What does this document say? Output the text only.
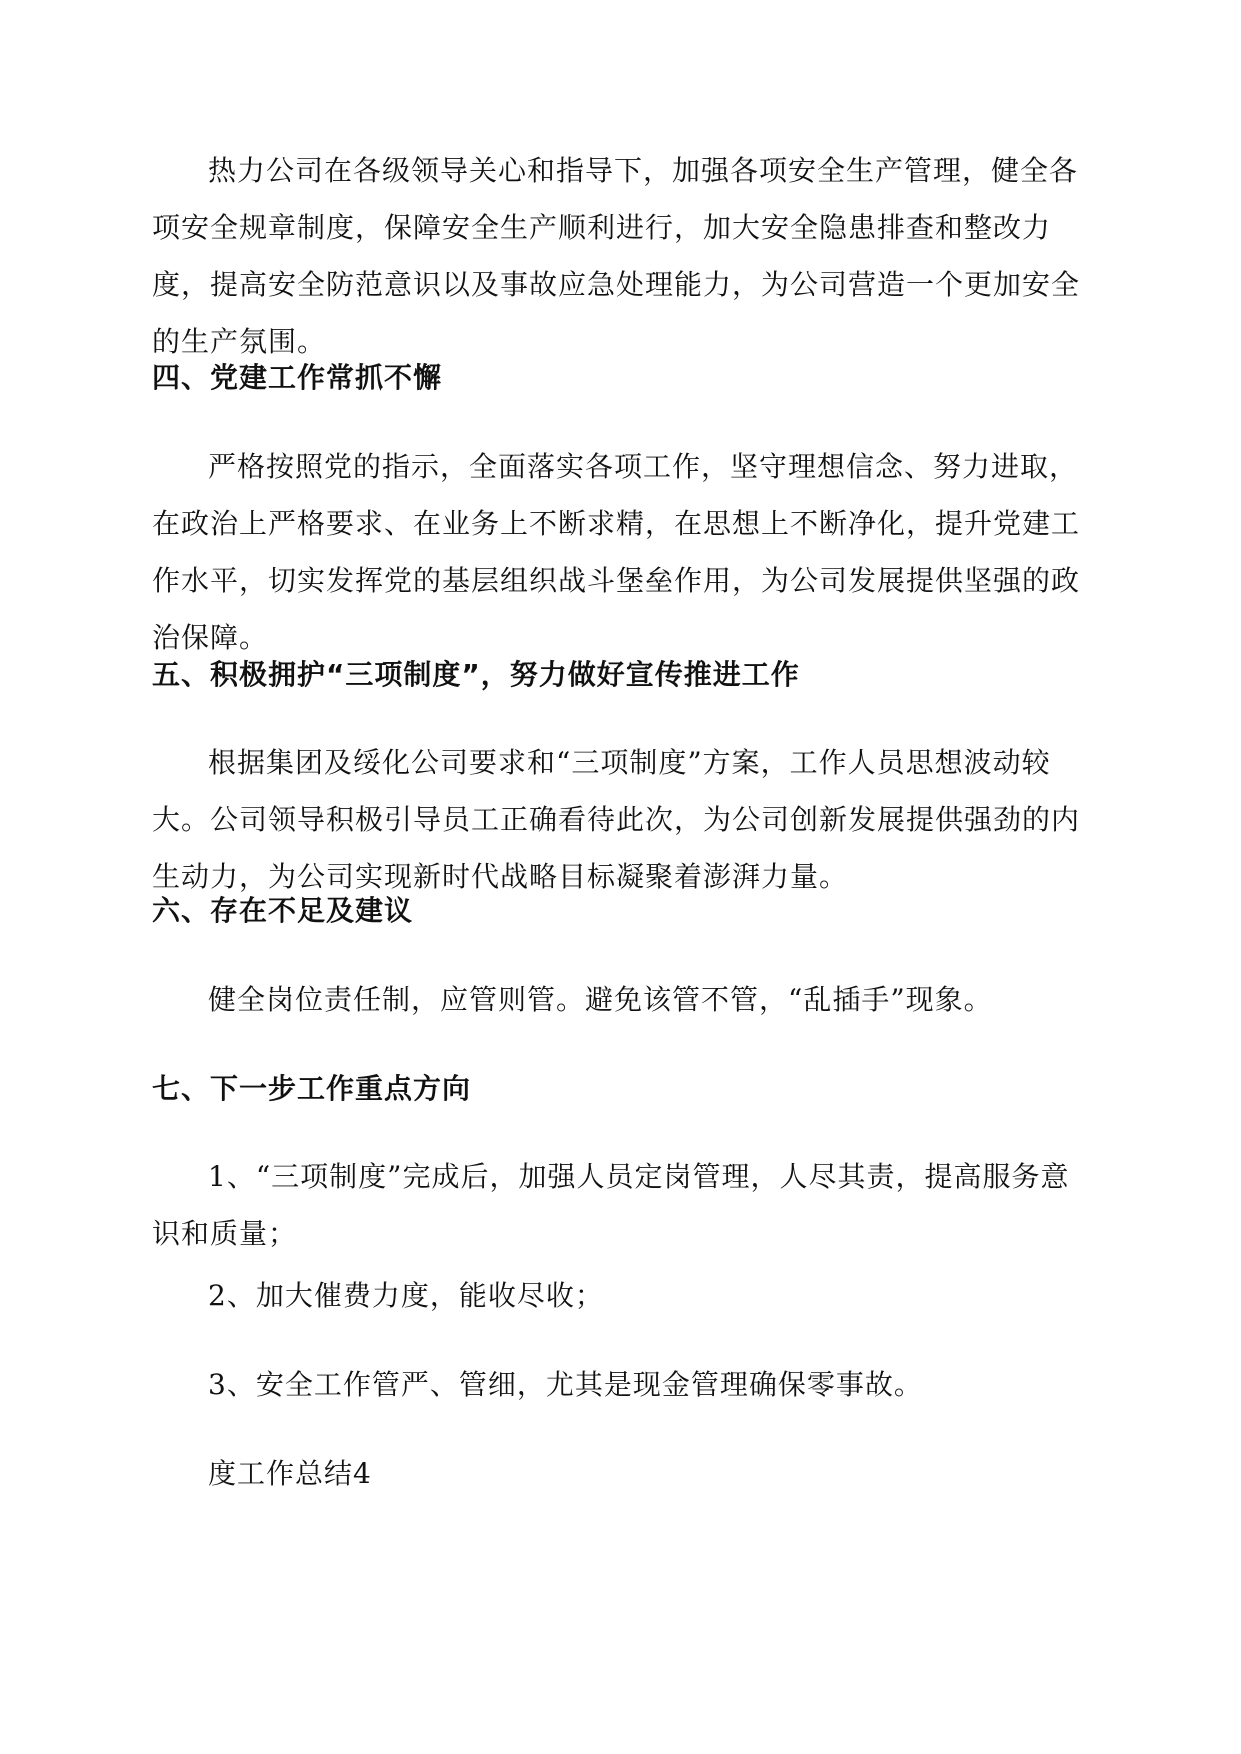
热力公司在各级领导关心和指导下，加强各项安全生产管理，健全各项安全规章制度，保障安全生产顺利进行，加大安全隐患排查和整改力度，提高安全防范意识以及事故应急处理能力，为公司营造一个更加安全的生产氛围。

四、党建工作常抓不懈

严格按照党的指示，全面落实各项工作，坚守理想信念、努力进取，在政治上严格要求、在业务上不断求精，在思想上不断净化，提升党建工作水平，切实发挥党的基层组织战斗堡垒作用，为公司发展提供坚强的政治保障。

五、积极拥护“三项制度”，努力做好宣传推进工作

根据集团及绥化公司要求和“三项制度”方案，工作人员思想波动较大。公司领导积极引导员工正确看待此次，为公司创新发展提供强劲的内生动力，为公司实现新时代战略目标凝聚着澎湃力量。

六、存在不足及建议

健全岗位责任制，应管则管。避免该管不管，“乱插手”现象。

七、下一步工作重点方向

1、“三项制度”完成后，加强人员定岗管理，人尽其责，提高服务意识和质量；

2、加大催费力度，能收尽收；

3、安全工作管严、管细，尤其是现金管理确保零事故。

度工作总结4
